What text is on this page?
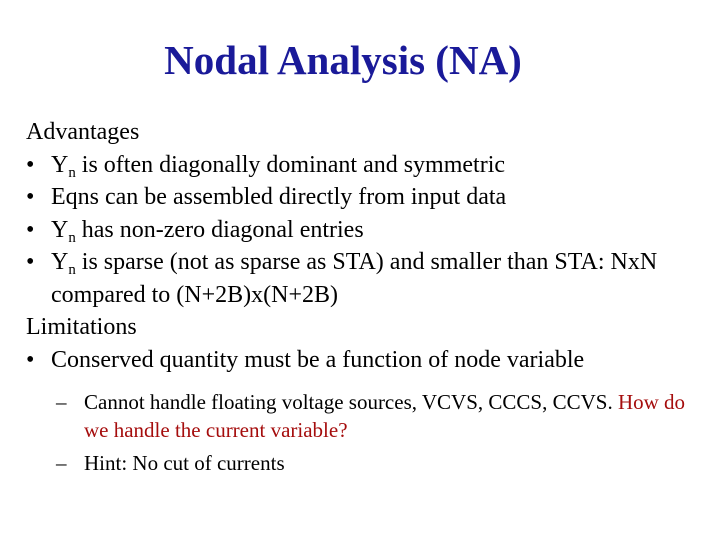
Nodal Analysis (NA)
Advantages
• $Y_n$ is often diagonally dominant and symmetric
• Eqns can be assembled directly from input data
• $Y_n$ has non-zero diagonal entries
• $Y_n$ is sparse (not as sparse as STA) and smaller than STA: NxN compared to (N+2B)x(N+2B)
Limitations
• Conserved quantity must be a function of node variable
– Cannot handle floating voltage sources, VCVS, CCCS, CCVS. How do we handle the current variable?
– Hint: No cut of currents
